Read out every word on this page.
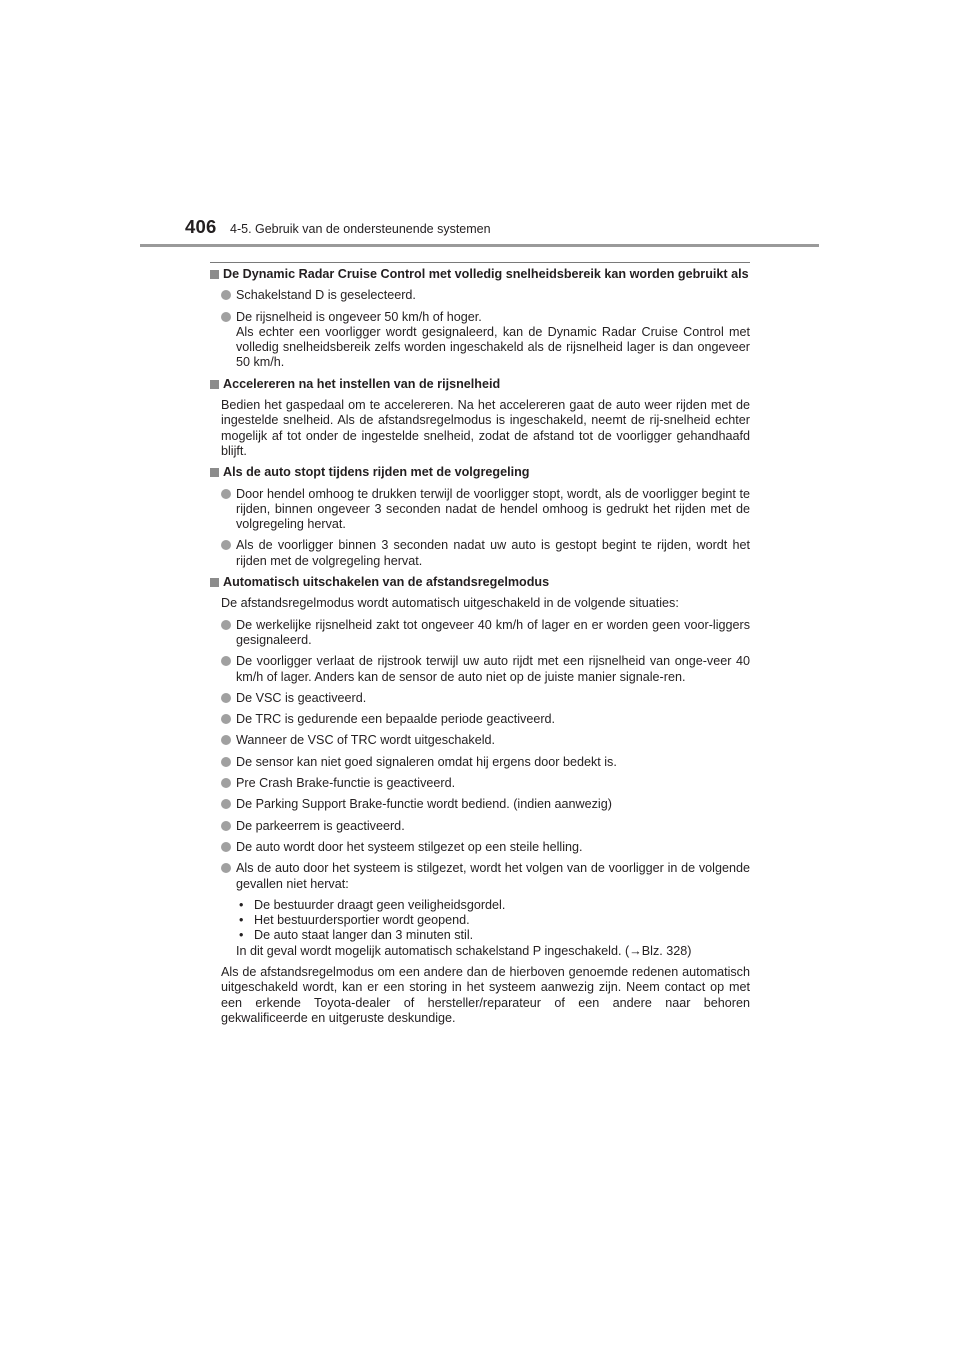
406 4-5. Gebruik van de ondersteunende systemen
De Dynamic Radar Cruise Control met volledig snelheidsbereik kan worden gebruikt als
Schakelstand D is geselecteerd.

De rijsnelheid is ongeveer 50 km/h of hoger.

Als echter een voorligger wordt gesignaleerd, kan de Dynamic Radar Cruise Control met volledig snelheidsbereik zelfs worden ingeschakeld als de rijsnelheid lager is dan ongeveer 50 km/h.

Accelereren na het instellen van de rijsnelheid
Bedien het gaspedaal om te accelereren. Na het accelereren gaat de auto weer rijden met de ingestelde snelheid. Als de afstandsregelmodus is ingeschakeld, neemt de rij-snelheid echter mogelijk af tot onder de ingestelde snelheid, zodat de afstand tot de voorligger gehandhaafd blijft.
Als de auto stopt tijdens rijden met de volgregeling
Door hendel omhoog te drukken terwijl de voorligger stopt, wordt, als de voorligger begint te rijden, binnen ongeveer 3 seconden nadat de hendel omhoog is gedrukt het rijden met de volgregeling hervat.
Als de voorligger binnen 3 seconden nadat uw auto is gestopt begint te rijden, wordt het rijden met de volgregeling hervat.
Automatisch uitschakelen van de afstandsregelmodus
De afstandsregelmodus wordt automatisch uitgeschakeld in de volgende situaties:
De werkelijke rijsnelheid zakt tot ongeveer 40 km/h of lager en er worden geen voor-liggers gesignaleerd.
De voorligger verlaat de rijstrook terwijl uw auto rijdt met een rijsnelheid van onge-veer 40 km/h of lager. Anders kan de sensor de auto niet op de juiste manier signale-ren.
De VSC is geactiveerd.
De TRC is gedurende een bepaalde periode geactiveerd.
Wanneer de VSC of TRC wordt uitgeschakeld.
De sensor kan niet goed signaleren omdat hij ergens door bedekt is.
Pre Crash Brake-functie is geactiveerd.
De Parking Support Brake-functie wordt bediend. (indien aanwezig)
De parkeerrem is geactiveerd.
De auto wordt door het systeem stilgezet op een steile helling.

Als de auto door het systeem is stilgezet, wordt het volgen van de voorligger in de volgende gevallen niet hervat:

• De bestuurder draagt geen veiligheidsgordel.
• Het bestuurdersportier wordt geopend.
• De auto staat langer dan 3 minuten stil.

In dit geval wordt mogelijk automatisch schakelstand P ingeschakeld. (→Blz. 328)

Als de afstandsregelmodus om een andere dan de hierboven genoemde redenen automatisch uitgeschakeld wordt, kan er een storing in het systeem aanwezig zijn. Neem contact op met een erkende Toyota-dealer of hersteller/reparateur of een andere naar behoren gekwalificeerde en uitgeruste deskundige.
